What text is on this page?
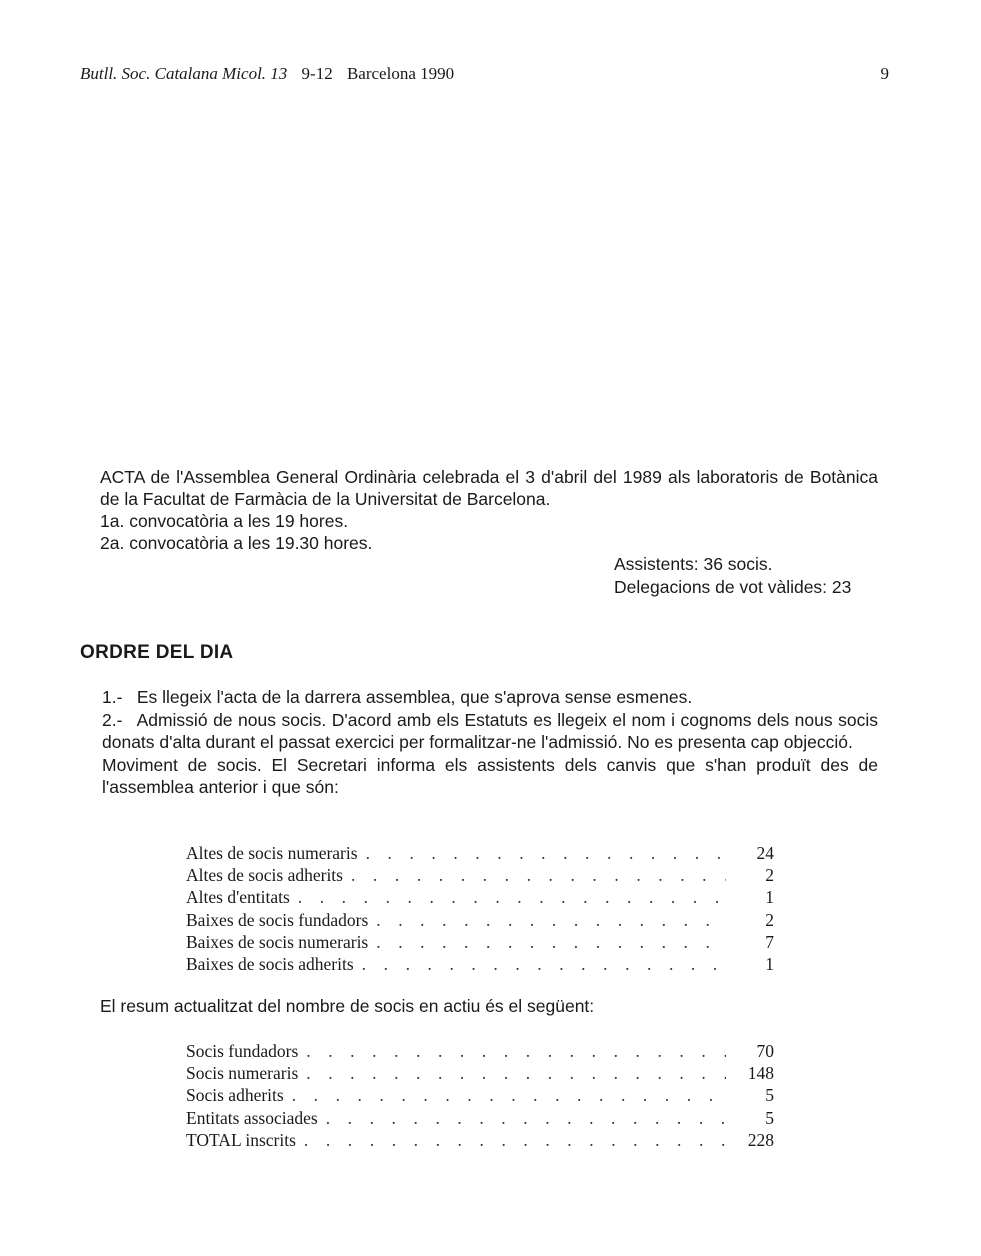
Butll. Soc. Catalana Micol. 13 9-12 Barcelona 1990	9

ACTA de l'Assemblea General Ordinària celebrada el 3 d'abril del 1989 als laboratoris de Botànica de la Facultat de Farmàcia de la Universitat de Barcelona.

1a. convocatòria a les 19 hores.

2a. convocatòria a les 19.30 hores.

Assistents: 36 socis.
Delegacions de vot vàlides: 23
ORDRE DEL DIA

1.- Es llegeix l'acta de la darrera assemblea, que s'aprova sense esmenes.

2.- Admissió de nous socis. D'acord amb els Estatuts es llegeix el nom i cognoms dels nous socis donats d'alta durant el passat exercici per formalitzar-ne l'admissió. No es presenta cap objecció.

Moviment de socis. El Secretari informa els assistents dels canvis que s'han produït des de l'assemblea anterior i que són:

Altes de socis numeraris . . .	24
Altes de socis adherits . . .	2
Altes d'entitats . . .	1
Baixes de socis fundadors . . .	2
Baixes de socis numeraris . . .	7
Baixes de socis adherits . . .	1
El resum actualitzat del nombre de socis en actiu és el següent:
Socis fundadors . . .	70
Socis numeraris . . .	148
Socis adherits . . .	5
Entitats associades . . .	5
TOTAL inscrits . . .	228
